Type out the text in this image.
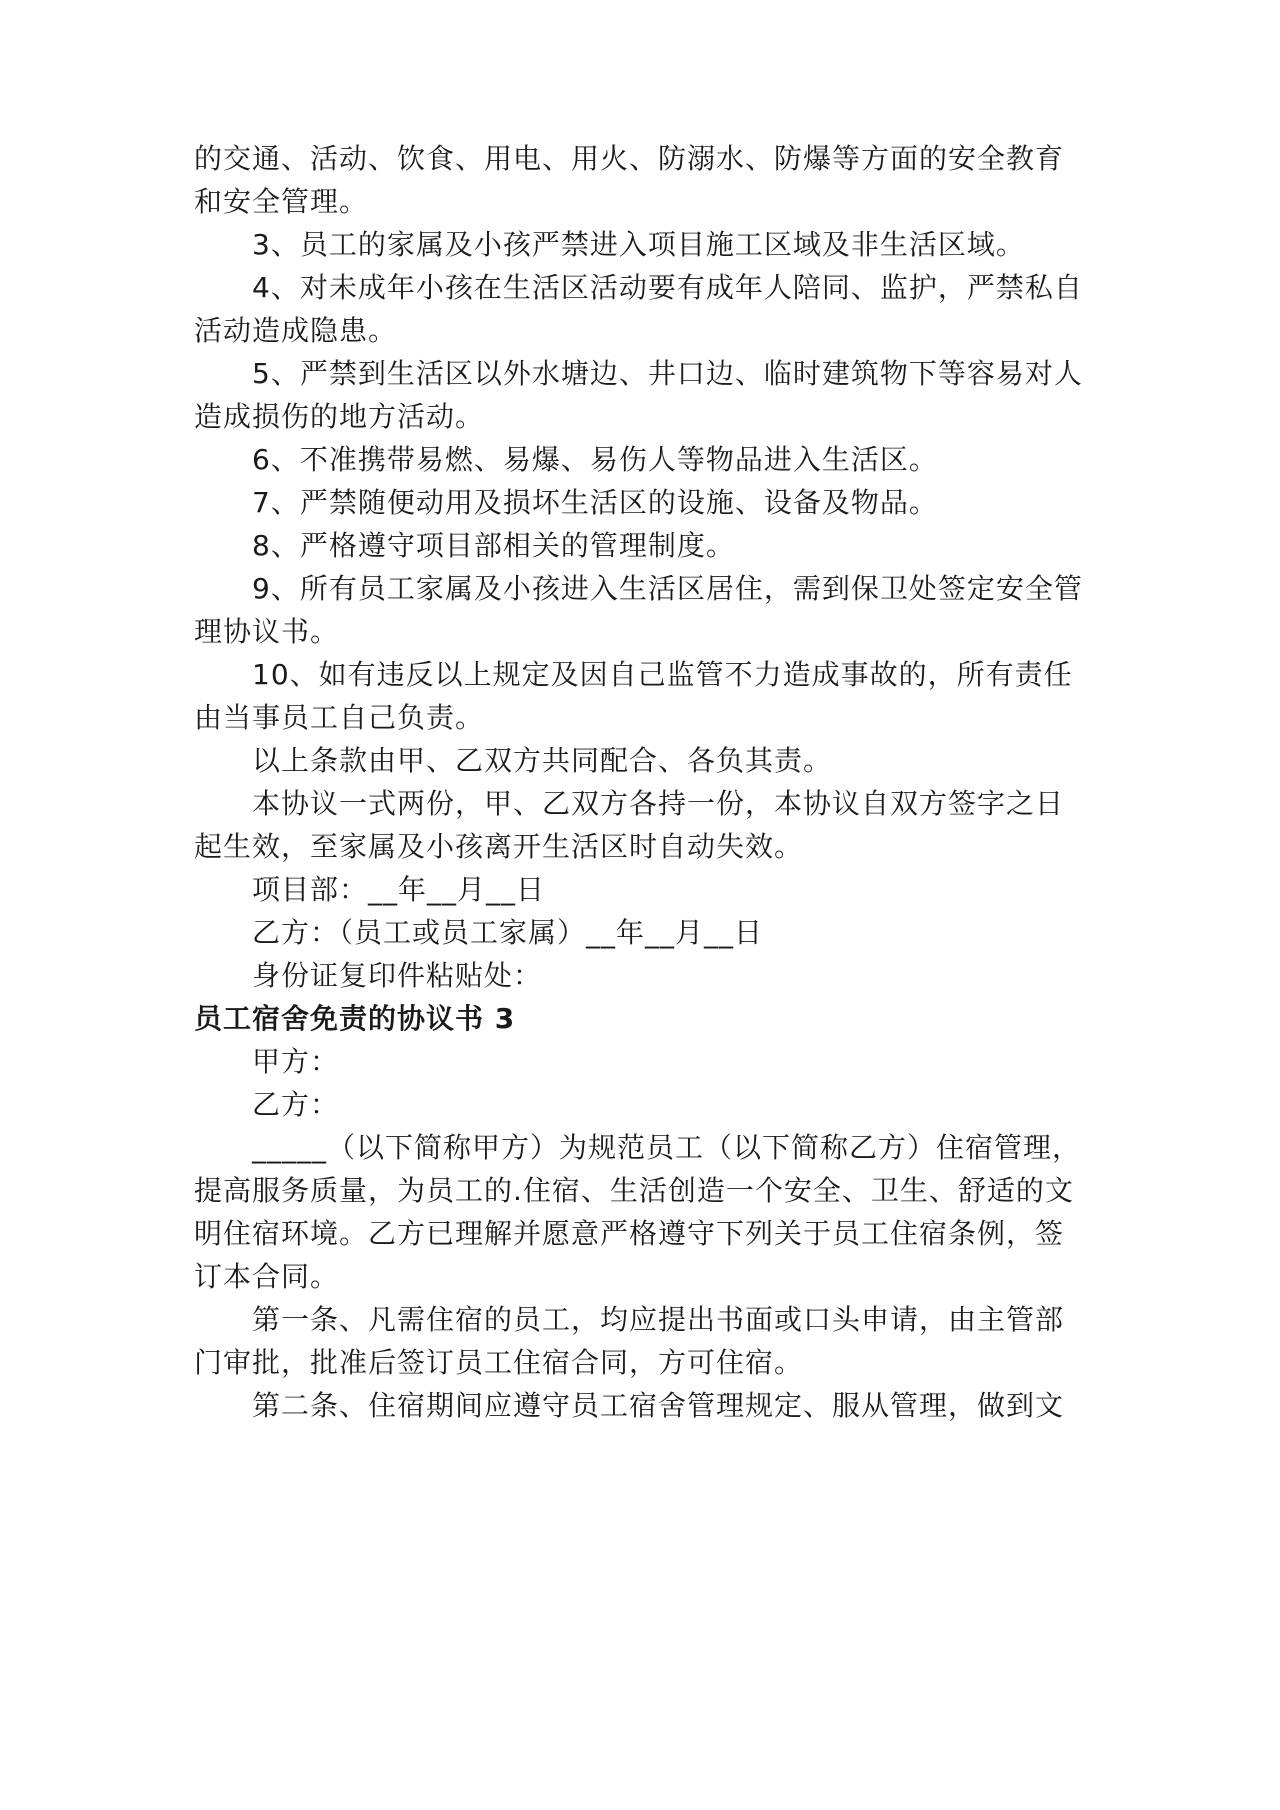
的交通、活动、饮食、用电、用火、防溺水、防爆等方面的安全教育
和安全管理。
3、员工的家属及小孩严禁进入项目施工区域及非生活区域。
4、对未成年小孩在生活区活动要有成年人陪同、监护，严禁私自
活动造成隐患。
5、严禁到生活区以外水塘边、井口边、临时建筑物下等容易对人
造成损伤的地方活动。
6、不准携带易燃、易爆、易伤人等物品进入生活区。
7、严禁随便动用及损坏生活区的设施、设备及物品。
8、严格遵守项目部相关的管理制度。
9、所有员工家属及小孩进入生活区居住，需到保卫处签定安全管
理协议书。
10、如有违反以上规定及因自己监管不力造成事故的，所有责任
由当事员工自己负责。
以上条款由甲、乙双方共同配合、各负其责。
本协议一式两份，甲、乙双方各持一份，本协议自双方签字之日
起生效，至家属及小孩离开生活区时自动失效。
项目部：__年__月__日
乙方：（员工或员工家属）__年__月__日
身份证复印件粘贴处：
员工宿舍免责的协议书 3
甲方：
乙方：
_____（以下简称甲方）为规范员工（以下简称乙方）住宿管理，
提高服务质量，为员工的.住宿、生活创造一个安全、卫生、舒适的文
明住宿环境。乙方已理解并愿意严格遵守下列关于员工住宿条例，签
订本合同。
第一条、凡需住宿的员工，均应提出书面或口头申请，由主管部
门审批，批准后签订员工住宿合同，方可住宿。
第二条、住宿期间应遵守员工宿舍管理规定、服从管理，做到文
